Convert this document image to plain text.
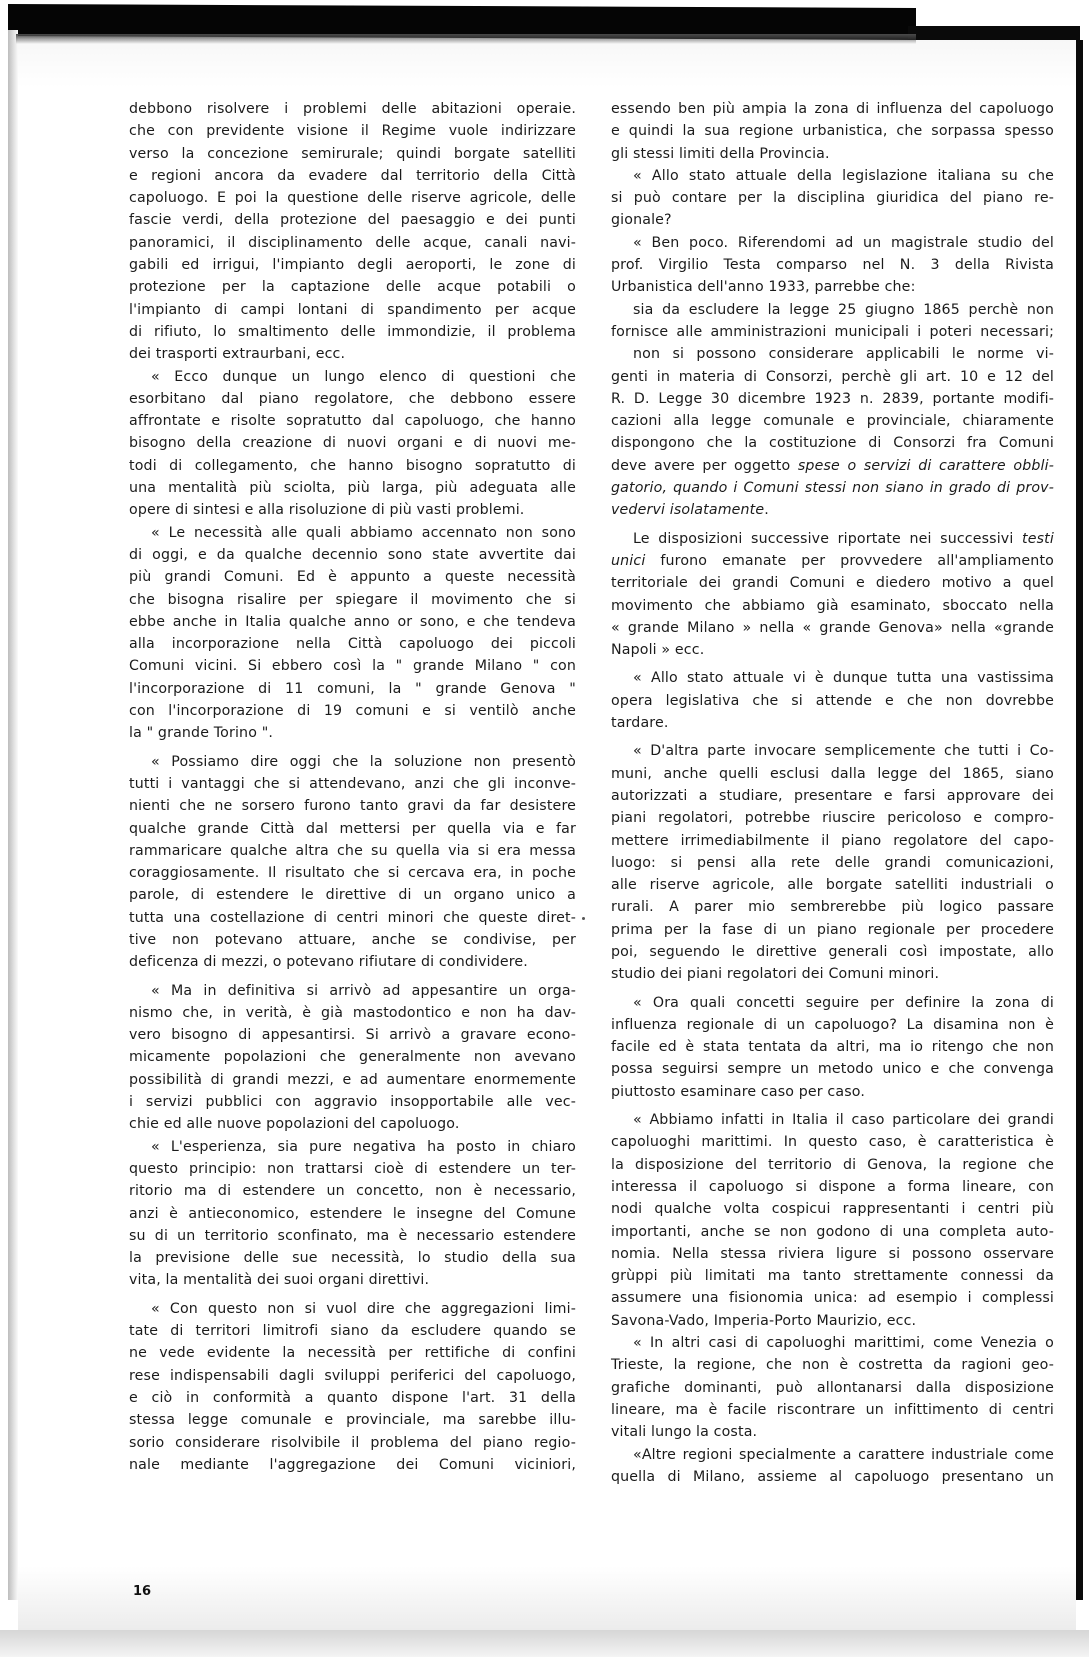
debbono risolvere i problemi delle abitazioni operaie.
che con previdente visione il Regime vuole indirizzare
verso la concezione semirurale; quindi borgate satelliti
e regioni ancora da evadere dal territorio della Città
capoluogo. E poi la questione delle riserve agricole, delle
fascie verdi, della protezione del paesaggio e dei punti
panoramici, il disciplinamento delle acque, canali navi-
gabili ed irrigui, l'impianto degli aeroporti, le zone di
protezione per la captazione delle acque potabili o
l'impianto di campi lontani di spandimento per acque
di rifiuto, lo smaltimento delle immondizie, il problema
dei trasporti extraurbani, ecc.
« Ecco dunque un lungo elenco di questioni che
esorbitano dal piano regolatore, che debbono essere
affrontate e risolte sopratutto dal capoluogo, che hanno
bisogno della creazione di nuovi organi e di nuovi me-
todi di collegamento, che hanno bisogno sopratutto di
una mentalità più sciolta, più larga, più adeguata alle
opere di sintesi e alla risoluzione di più vasti problemi.
« Le necessità alle quali abbiamo accennato non sono
di oggi, e da qualche decennio sono state avvertite dai
più grandi Comuni. Ed è appunto a queste necessità
che bisogna risalire per spiegare il movimento che si
ebbe anche in Italia qualche anno or sono, e che tendeva
alla incorporazione nella Città capoluogo dei piccoli
Comuni vicini. Si ebbero così la " grande Milano " con
l'incorporazione di 11 comuni, la " grande Genova "
con l'incorporazione di 19 comuni e si ventilò anche
la " grande Torino ".
« Possiamo dire oggi che la soluzione non presentò
tutti i vantaggi che si attendevano, anzi che gli inconve-
nienti che ne sorsero furono tanto gravi da far desistere
qualche grande Città dal mettersi per quella via e far
rammaricare qualche altra che su quella via si era messa
coraggiosamente. Il risultato che si cercava era, in poche
parole, di estendere le direttive di un organo unico a
tutta una costellazione di centri minori che queste diret-
tive non potevano attuare, anche se condivise, per
deficenza di mezzi, o potevano rifiutare di condividere.
« Ma in definitiva si arrivò ad appesantire un orga-
nismo che, in verità, è già mastodontico e non ha dav-
vero bisogno di appesantirsi. Si arrivò a gravare econo-
micamente popolazioni che generalmente non avevano
possibilità di grandi mezzi, e ad aumentare enormemente
i servizi pubblici con aggravio insopportabile alle vec-
chie ed alle nuove popolazioni del capoluogo.
« L'esperienza, sia pure negativa ha posto in chiaro
questo principio: non trattarsi cioè di estendere un ter-
ritorio ma di estendere un concetto, non è necessario,
anzi è antieconomico, estendere le insegne del Comune
su di un territorio sconfinato, ma è necessario estendere
la previsione delle sue necessità, lo studio della sua
vita, la mentalità dei suoi organi direttivi.
« Con questo non si vuol dire che aggregazioni limi-
tate di territori limitrofi siano da escludere quando se
ne vede evidente la necessità per rettifiche di confini
rese indispensabili dagli sviluppi periferici del capoluogo,
e ciò in conformità a quanto dispone l'art. 31 della
stessa legge comunale e provinciale, ma sarebbe illu-
sorio considerare risolvibile il problema del piano regio-
nale mediante l'aggregazione dei Comuni viciniori,
essendo ben più ampia la zona di influenza del capoluogo
e quindi la sua regione urbanistica, che sorpassa spesso
gli stessi limiti della Provincia.
« Allo stato attuale della legislazione italiana su che
si può contare per la disciplina giuridica del piano re-
gionale?
« Ben poco. Riferendomi ad un magistrale studio del
prof. Virgilio Testa comparso nel N. 3 della Rivista
Urbanistica dell'anno 1933, parrebbe che:
sia da escludere la legge 25 giugno 1865 perchè non
fornisce alle amministrazioni municipali i poteri necessari;
non si possono considerare applicabili le norme vi-
genti in materia di Consorzi, perchè gli art. 10 e 12 del
R. D. Legge 30 dicembre 1923 n. 2839, portante modifi-
cazioni alla legge comunale e provinciale, chiaramente
dispongono che la costituzione di Consorzi fra Comuni
deve avere per oggetto spese o servizi di carattere obbli-
gatorio, quando i Comuni stessi non siano in grado di prov-
vedervi isolatamente.
Le disposizioni successive riportate nei successivi testi
unici furono emanate per provvedere all'ampliamento
territoriale dei grandi Comuni e diedero motivo a quel
movimento che abbiamo già esaminato, sboccato nella
« grande Milano » nella « grande Genova» nella «grande
Napoli » ecc.
« Allo stato attuale vi è dunque tutta una vastissima
opera legislativa che si attende e che non dovrebbe
tardare.
« D'altra parte invocare semplicemente che tutti i Co-
muni, anche quelli esclusi dalla legge del 1865, siano
autorizzati a studiare, presentare e farsi approvare dei
piani regolatori, potrebbe riuscire pericoloso e compro-
mettere irrimediabilmente il piano regolatore del capo-
luogo: si pensi alla rete delle grandi comunicazioni,
alle riserve agricole, alle borgate satelliti industriali o
rurali. A parer mio sembrerebbe più logico passare
prima per la fase di un piano regionale per procedere
poi, seguendo le direttive generali così impostate, allo
studio dei piani regolatori dei Comuni minori.
« Ora quali concetti seguire per definire la zona di
influenza regionale di un capoluogo? La disamina non è
facile ed è stata tentata da altri, ma io ritengo che non
possa seguirsi sempre un metodo unico e che convenga
piuttosto esaminare caso per caso.
« Abbiamo infatti in Italia il caso particolare dei grandi
capoluoghi marittimi. In questo caso, è caratteristica è
la disposizione del territorio di Genova, la regione che
interessa il capoluogo si dispone a forma lineare, con
nodi qualche volta cospicui rappresentanti i centri più
importanti, anche se non godono di una completa auto-
nomia. Nella stessa riviera ligure si possono osservare
grùppi più limitati ma tanto strettamente connessi da
assumere una fisionomia unica: ad esempio i complessi
Savona-Vado, Imperia-Porto Maurizio, ecc.
« In altri casi di capoluoghi marittimi, come Venezia o
Trieste, la regione, che non è costretta da ragioni geo-
grafiche dominanti, può allontanarsi dalla disposizione
lineare, ma è facile riscontrare un infittimento di centri
vitali lungo la costa.
«Altre regioni specialmente a carattere industriale come
quella di Milano, assieme al capoluogo presentano un
16
